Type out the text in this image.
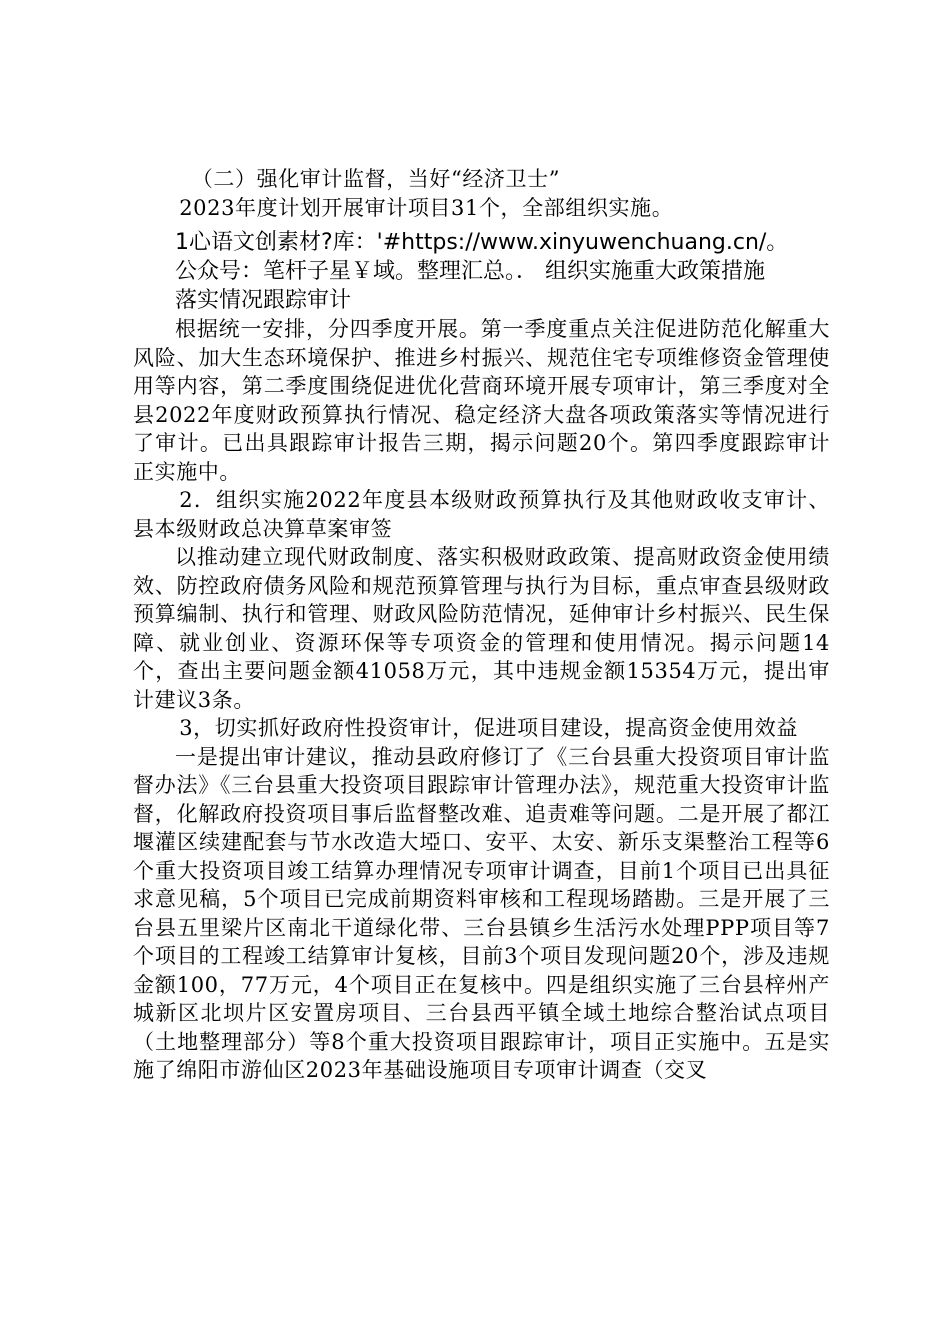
（二）强化审计监督，当好“经济卫士”

2023年度计划开展审计项目31个，全部组织实施。

1心语文创素材?库：'#https://www.xinyuwenchuang.cn/。
公众号：笔杆子星￥域。整理汇总。． 组织实施重大政策措施
落实情况跟踪审计

根据统一安排，分四季度开展。第一季度重点关注促进防范化解重大风险、加大生态环境保护、推进乡村振兴、规范住宅专项维修资金管理使用等内容，第二季度围绕促进优化营商环境开展专项审计，第三季度对全县2022年度财政预算执行情况、稳定经济大盘各项政策落实等情况进行了审计。已出具跟踪审计报告三期，揭示问题20个。第四季度跟踪审计正实施中。

2．组织实施2022年度县本级财政预算执行及其他财政收支审计、县本级财政总决算草案审签

以推动建立现代财政制度、落实积极财政政策、提高财政资金使用绩效、防控政府债务风险和规范预算管理与执行为目标，重点审查县级财政预算编制、执行和管理、财政风险防范情况，延伸审计乡村振兴、民生保障、就业创业、资源环保等专项资金的管理和使用情况。揭示问题14个，查出主要问题金额41058万元，其中违规金额15354万元，提出审计建议3条。

3，切实抓好政府性投资审计，促进项目建设，提高资金使用效益

一是提出审计建议，推动县政府修订了《三台县重大投资项目审计监督办法》《三台县重大投资项目跟踪审计管理办法》，规范重大投资审计监督，化解政府投资项目事后监督整改难、追责难等问题。二是开展了都江堰灌区续建配套与节水改造大埡口、安平、太安、新乐支渠整治工程等6个重大投资项目竣工结算办理情况专项审计调查，目前1个项目已出具征求意见稿，5个项目已完成前期资料审核和工程现场踏勘。三是开展了三台县五里梁片区南北干道绿化带、三台县镇乡生活污水处理PPP项目等7个项目的工程竣工结算审计复核，目前3个项目发现问题20个，涉及违规金额100，77万元，4个项目正在复核中。四是组织实施了三台县梓州产城新区北坝片区安置房项目、三台县西平镇全域土地综合整治试点项目（土地整理部分）等8个重大投资项目跟踪审计，项目正实施中。五是实施了绵阳市游仙区2023年基础设施项目专项审计调查（交叉
